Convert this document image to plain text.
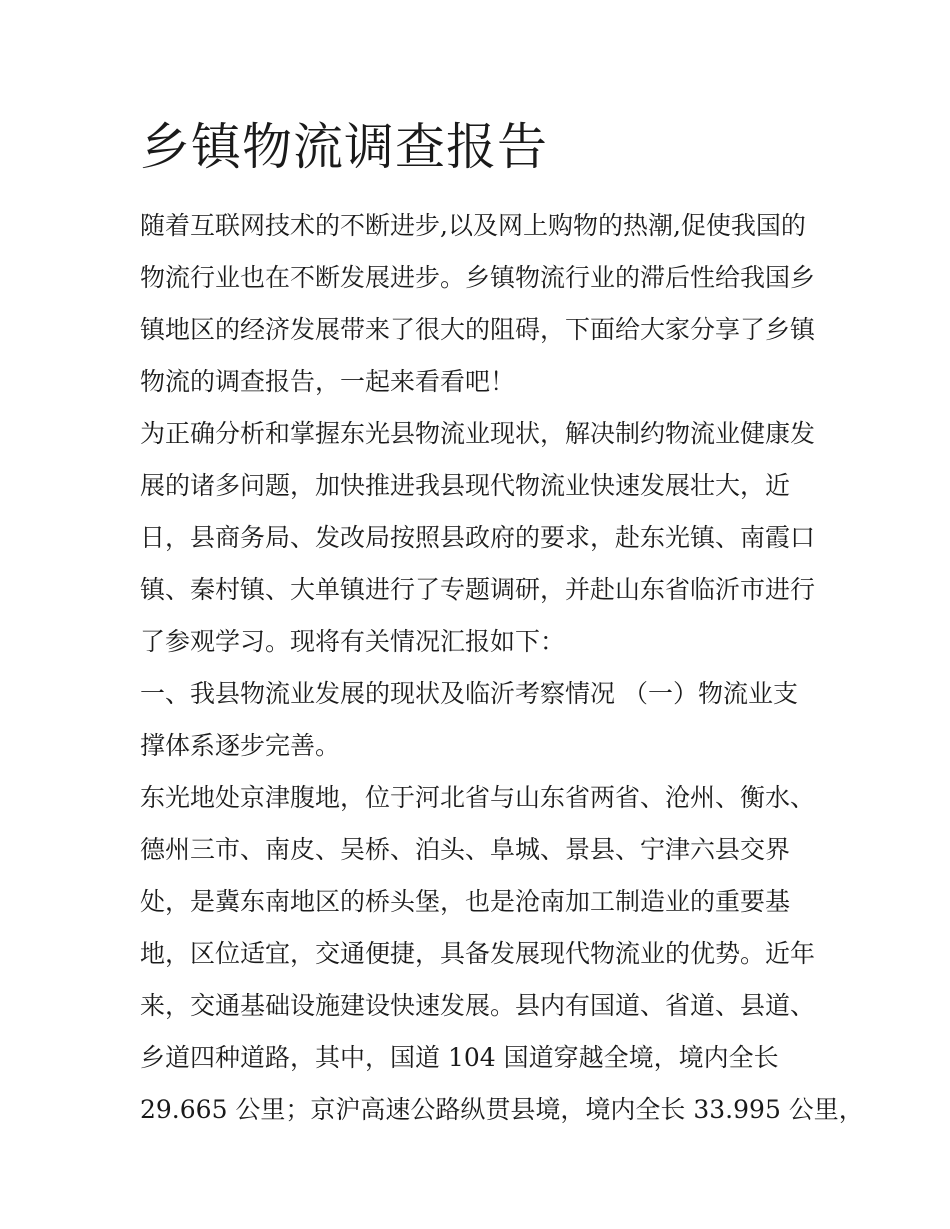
乡镇物流调查报告
随着互联网技术的不断进步,以及网上购物的热潮,促使我国的
物流行业也在不断发展进步。乡镇物流行业的滞后性给我国乡
镇地区的经济发展带来了很大的阻碍，下面给大家分享了乡镇
物流的调查报告，一起来看看吧！
为正确分析和掌握东光县物流业现状，解决制约物流业健康发
展的诸多问题，加快推进我县现代物流业快速发展壮大，近
日，县商务局、发改局按照县政府的要求，赴东光镇、南霞口
镇、秦村镇、大单镇进行了专题调研，并赴山东省临沂市进行
了参观学习。现将有关情况汇报如下：
一、我县物流业发展的现状及临沂考察情况 （一）物流业支
撑体系逐步完善。
东光地处京津腹地，位于河北省与山东省两省、沧州、衡水、
德州三市、南皮、吴桥、泊头、阜城、景县、宁津六县交界
处，是冀东南地区的桥头堡，也是沧南加工制造业的重要基
地，区位适宜，交通便捷，具备发展现代物流业的优势。近年
来，交通基础设施建设快速发展。县内有国道、省道、县道、
乡道四种道路，其中，国道 104 国道穿越全境，境内全长
29.665 公里；京沪高速公路纵贯县境，境内全长 33.995 公里，
